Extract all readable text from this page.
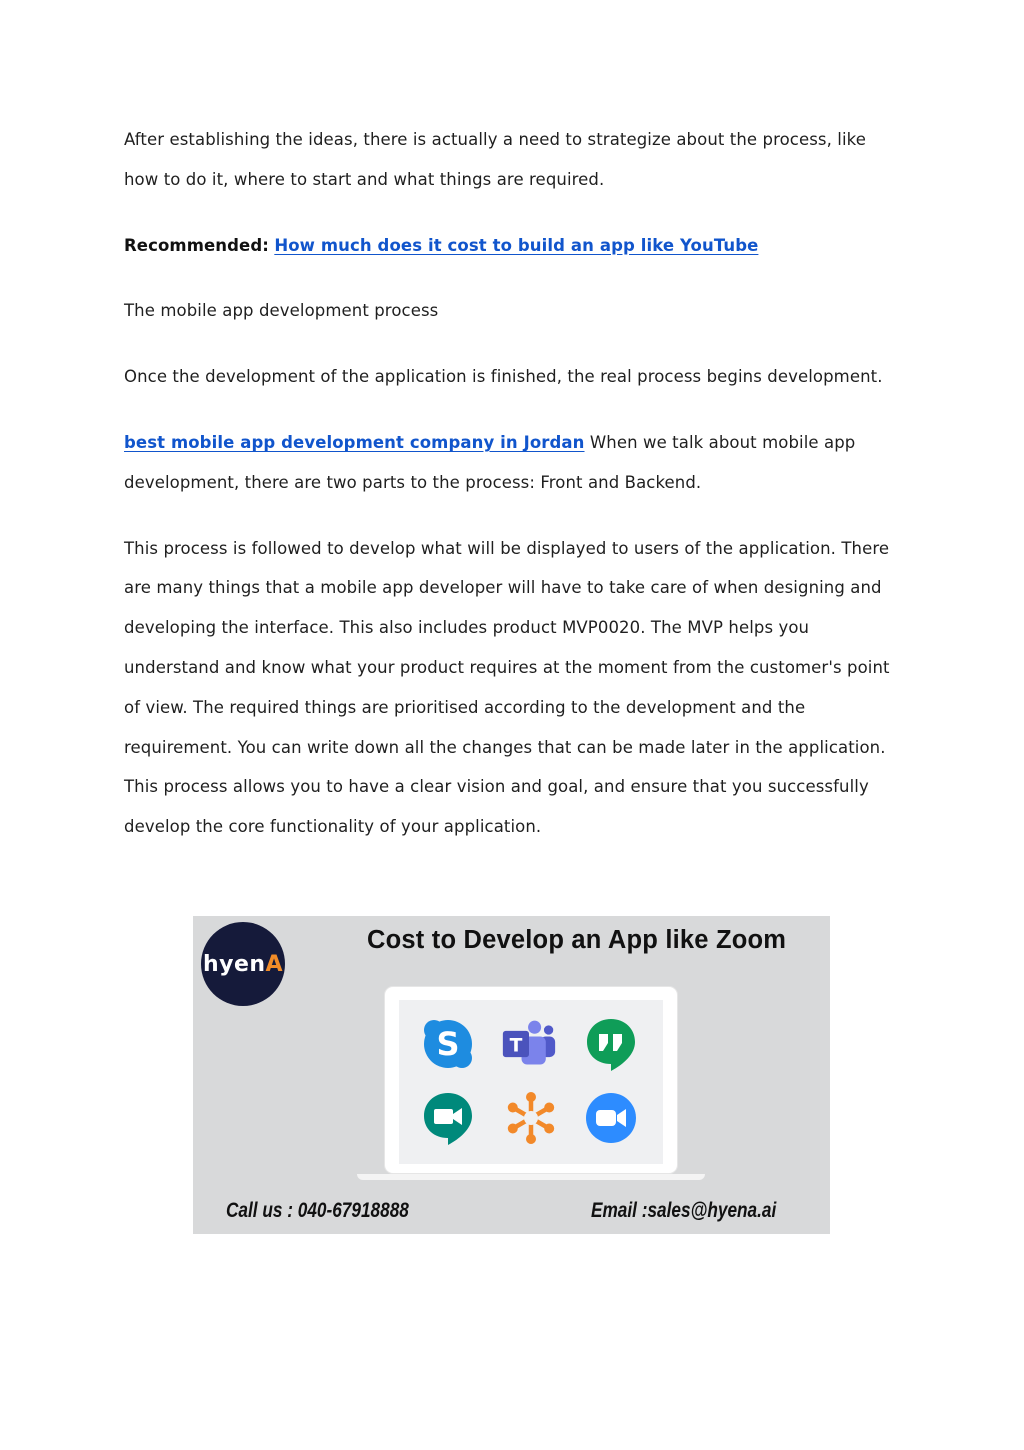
After establishing the ideas, there is actually a need to strategize about the process, like how to do it, where to start and what things are required.

Recommended: How much does it cost to build an app like YouTube

The mobile app development process

Once the development of the application is finished, the real process begins development.

best mobile app development company in Jordan When we talk about mobile app development, there are two parts to the process: Front and Backend.

This process is followed to develop what will be displayed to users of the application. There are many things that a mobile app developer will have to take care of when designing and developing the interface. This also includes product MVP0020. The MVP helps you understand and know what your product requires at the moment from the customer's point of view. The required things are prioritised according to the development and the requirement. You can write down all the changes that can be made later in the application. This process allows you to have a clear vision and goal, and ensure that you successfully develop the core functionality of your application.

hyenA
Cost to Develop an App like Zoom
S	T
Call us : 040-67918888	Email :sales@hyena.ai
